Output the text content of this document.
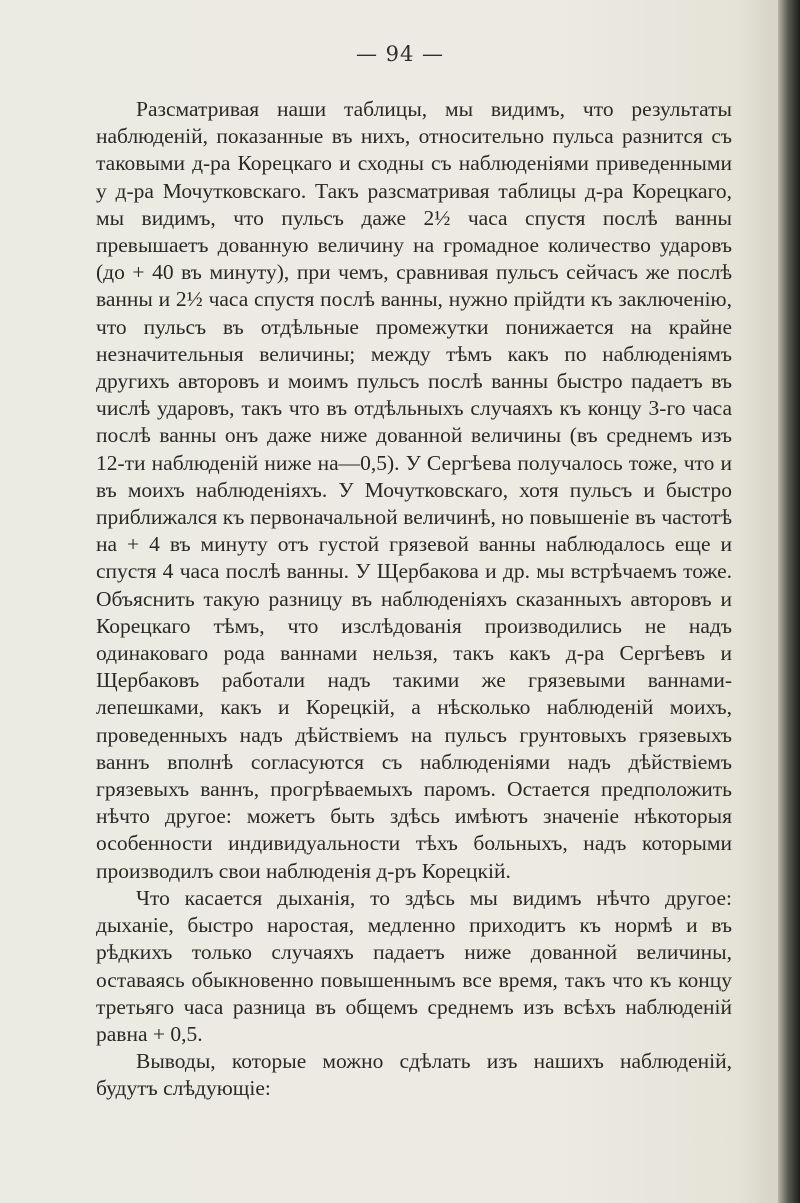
— 94 —

Разсматривая наши таблицы, мы видимъ, что результаты наблюденій, показанные въ нихъ, относительно пульса разнится съ таковыми д-ра Корецкаго и сходны съ наблюденіями приведенными у д-ра Мочутковскаго. Такъ разсматривая таблицы д-ра Корецкаго, мы видимъ, что пульсъ даже 2½ часа спустя послѣ ванны превышаетъ дованную величину на громадное количество ударовъ (до + 40 въ минуту), при чемъ, сравнивая пульсъ сейчасъ же послѣ ванны и 2½ часа спустя послѣ ванны, нужно прійдти къ заключенію, что пульсъ въ отдѣльные промежутки понижается на крайне незначительныя величины; между тѣмъ какъ по наблюденіямъ другихъ авторовъ и моимъ пульсъ послѣ ванны быстро падаетъ въ числѣ ударовъ, такъ что въ отдѣльныхъ случаяхъ къ концу 3-го часа послѣ ванны онъ даже ниже дованной величины (въ среднемъ изъ 12-ти наблюденій ниже на—0,5). У Сергѣева получалось тоже, что и въ моихъ наблюденіяхъ. У Мочутковскаго, хотя пульсъ и быстро приближался къ первоначальной величинѣ, но повышеніе въ частотѣ на + 4 въ минуту отъ густой грязевой ванны наблюдалось еще и спустя 4 часа послѣ ванны. У Щербакова и др. мы встрѣчаемъ тоже. Объяснить такую разницу въ наблюденіяхъ сказанныхъ авторовъ и Корецкаго тѣмъ, что изслѣдованія производились не надъ одинаковаго рода ваннами нельзя, такъ какъ д-ра Сергѣевъ и Щербаковъ работали надъ такими же грязевыми ваннами-лепешками, какъ и Корецкій, а нѣсколько наблюденій моихъ, проведенныхъ надъ дѣйствіемъ на пульсъ грунтовыхъ грязевыхъ ваннъ вполнѣ согласуются съ наблюденіями надъ дѣйствіемъ грязевыхъ ваннъ, прогрѣваемыхъ паромъ. Остается предположить нѣчто другое: можетъ быть здѣсь имѣютъ значеніе нѣкоторыя особенности индивидуальности тѣхъ больныхъ, надъ которыми производилъ свои наблюденія д-ръ Корецкій.

Что касается дыханія, то здѣсь мы видимъ нѣчто другое: дыханіе, быстро наростая, медленно приходитъ къ нормѣ и въ рѣдкихъ только случаяхъ падаетъ ниже дованной величины, оставаясь обыкновенно повышеннымъ все время, такъ что къ концу третьяго часа разница въ общемъ среднемъ изъ всѣхъ наблюденій равна + 0,5.

Выводы, которые можно сдѣлать изъ нашихъ наблюденій, будутъ слѣдующіе:
